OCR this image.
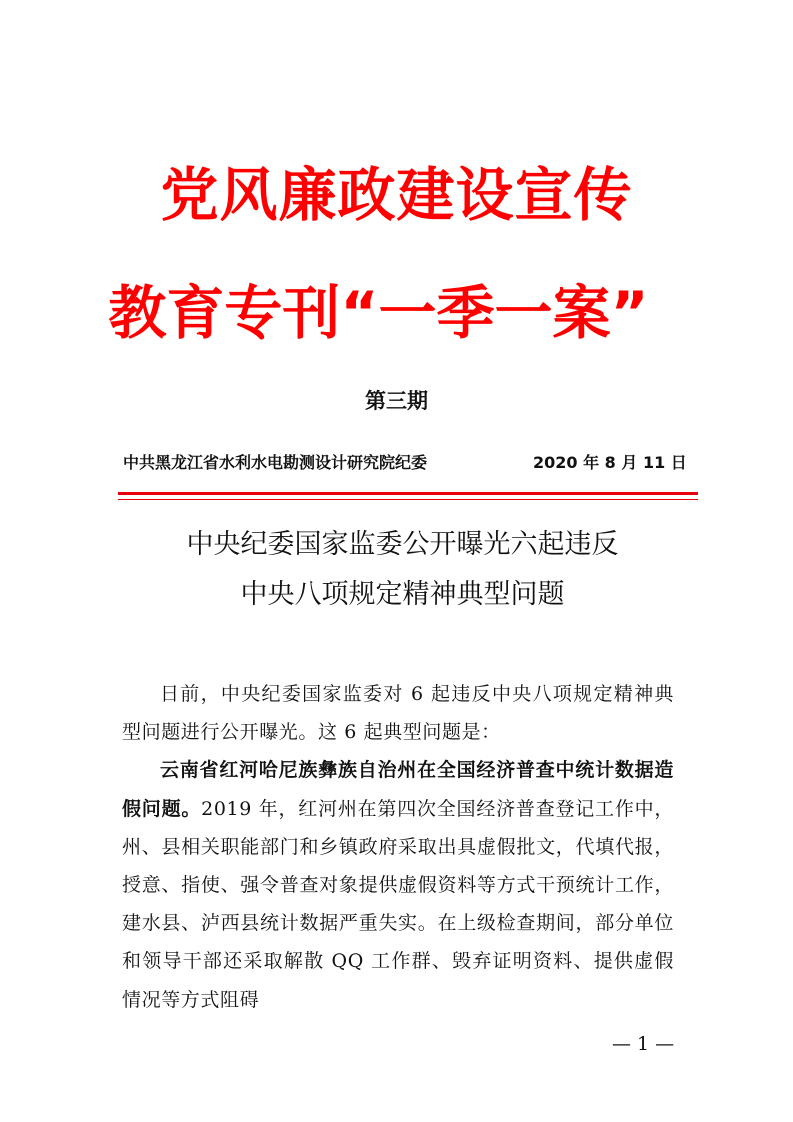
党风廉政建设宣传
教育专刊“一季一案”
第三期
中共黑龙江省水利水电勘测设计研究院纪委	2020 年 8 月 11 日
中央纪委国家监委公开曝光六起违反
中央八项规定精神典型问题

日前，中央纪委国家监委对 6 起违反中央八项规定精神典型问题进行公开曝光。这 6 起典型问题是：

云南省红河哈尼族彝族自治州在全国经济普查中统计数据造假问题。2019 年，红河州在第四次全国经济普查登记工作中，州、县相关职能部门和乡镇政府采取出具虚假批文，代填代报，授意、指使、强令普查对象提供虚假资料等方式干预统计工作，建水县、泸西县统计数据严重失实。在上级检查期间，部分单位和领导干部还采取解散 QQ 工作群、毁弃证明资料、提供虚假情况等方式阻碍

— 1 —
